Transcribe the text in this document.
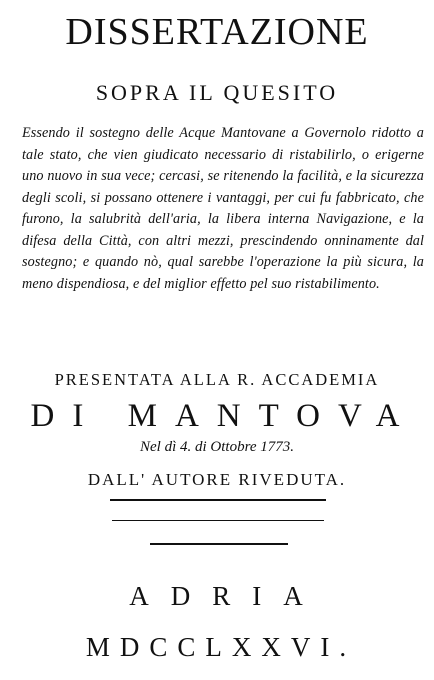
DISSERTAZIONE
SOPRA IL QUESITO
Essendo il sostegno delle Acque Mantovane a Governolo ridotto a tale stato, che vien giudicato necessario di ristabilirlo, o erigerne uno nuovo in sua vece; cercasi, se ritenendo la facilità, e la sicurezza degli scoli, si possano ottenere i vantaggi, per cui fu fabbricato, che furono, la salubrità dell'aria, la libera interna Navigazione, e la difesa della Città, con altri mezzi, prescindendo onninamente dal sostegno; e quando nò, qual sarebbe l'operazione la più sicura, la meno dispendiosa, e del miglior effetto pel suo ristabilimento.
PRESENTATA ALLA R. ACCADEMIA
DI MANTOVA
Nel dì 4. di Ottobre 1773.
DALL' AUTORE RIVEDUTA.
ADRIA
MDCCLXXVI.
